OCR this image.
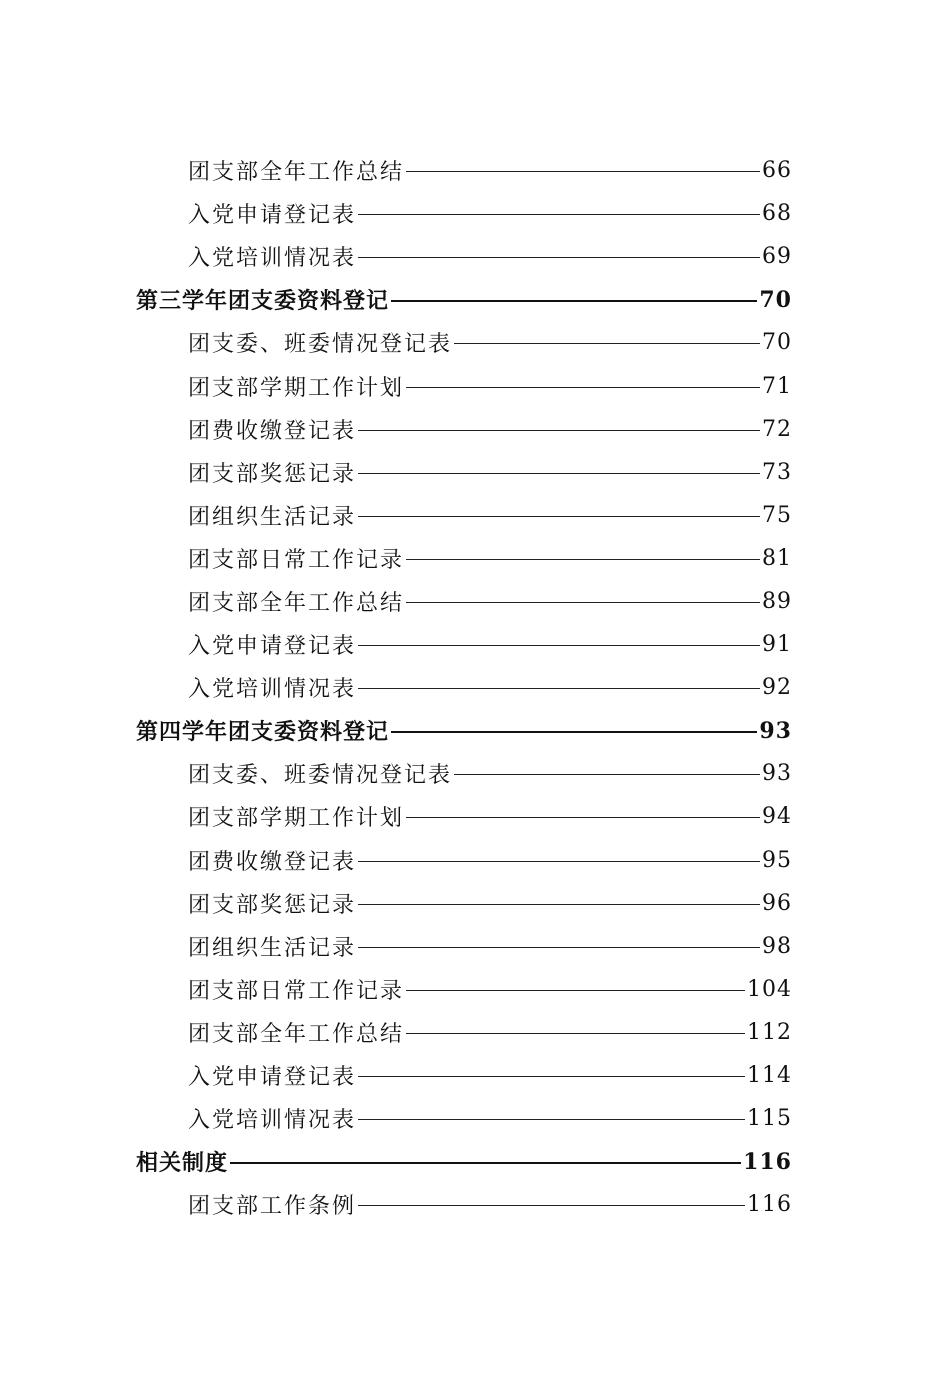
团支部全年工作总结	66
入党申请登记表	68
入党培训情况表	69
第三学年团支委资料登记	70
团支委、班委情况登记表	70
团支部学期工作计划	71
团费收缴登记表	72
团支部奖惩记录	73
团组织生活记录	75
团支部日常工作记录	81
团支部全年工作总结	89
入党申请登记表	91
入党培训情况表	92
第四学年团支委资料登记	93
团支委、班委情况登记表	93
团支部学期工作计划	94
团费收缴登记表	95
团支部奖惩记录	96
团组织生活记录	98
团支部日常工作记录	104
团支部全年工作总结	112
入党申请登记表	114
入党培训情况表	115
相关制度	116
团支部工作条例	116
